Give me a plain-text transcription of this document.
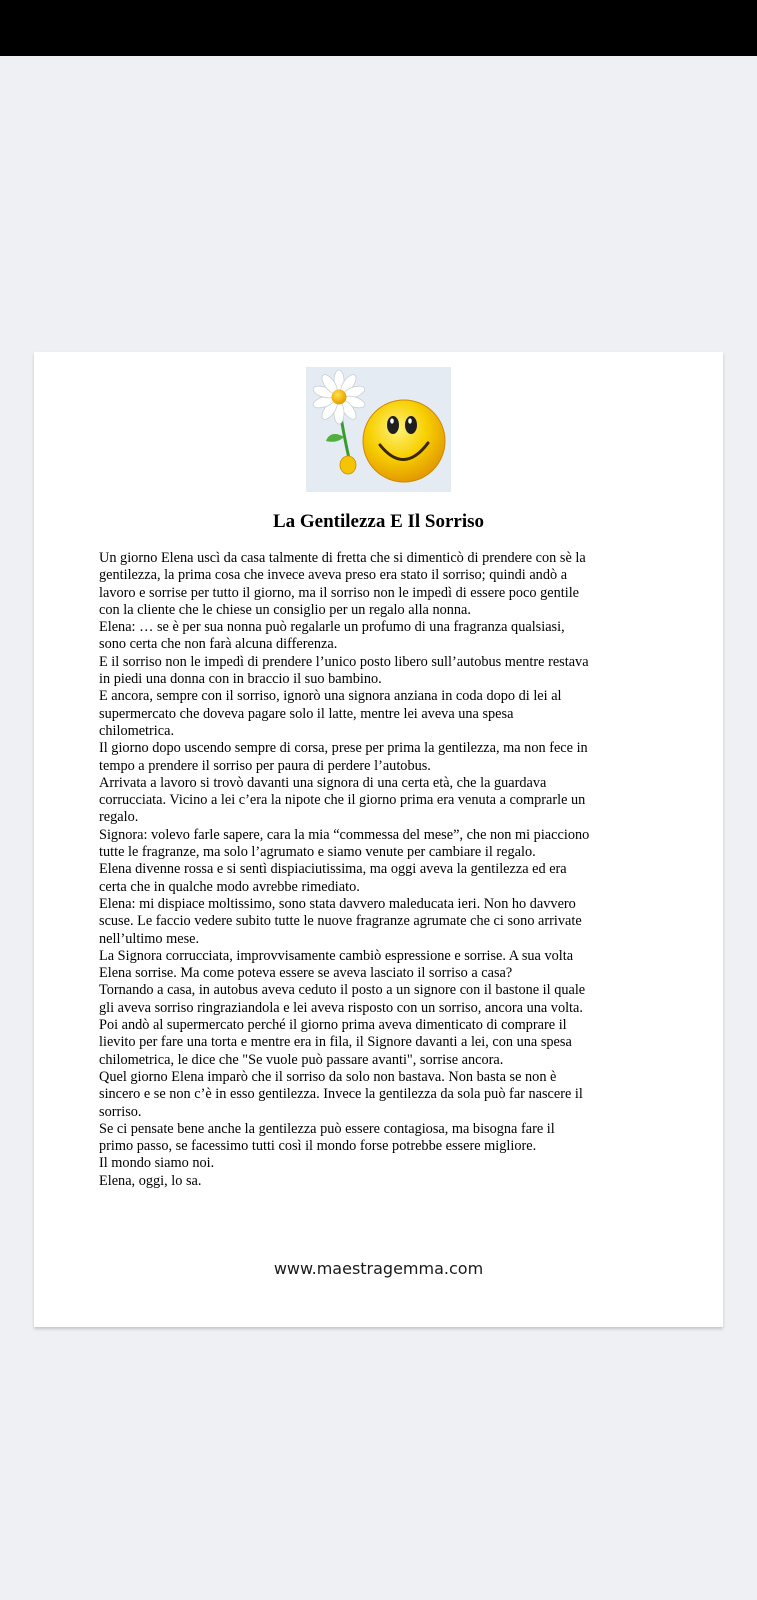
La Gentilezza E Il Sorriso
Un giorno Elena uscì da casa talmente di fretta che si dimenticò di prendere con sè la
gentilezza, la prima cosa che invece aveva preso era stato il sorriso; quindi andò a
lavoro e sorrise per tutto il giorno, ma il sorriso non le impedì di essere poco gentile
con la cliente che le chiese un consiglio per un regalo alla nonna.
Elena: … se è per sua nonna può regalarle un profumo di una fragranza qualsiasi,
sono certa che non farà alcuna differenza.
E il sorriso non le impedì di prendere l’unico posto libero sull’autobus mentre restava
in piedi una donna con in braccio il suo bambino.
E ancora, sempre con il sorriso, ignorò una signora anziana in coda dopo di lei al
supermercato che doveva pagare solo il latte, mentre lei aveva una spesa
chilometrica.
Il giorno dopo uscendo sempre di corsa, prese per prima la gentilezza, ma non fece in
tempo a prendere il sorriso per paura di perdere l’autobus.
Arrivata a lavoro si trovò davanti una signora di una certa età, che la guardava
corrucciata. Vicino a lei c’era la nipote che il giorno prima era venuta a comprarle un
regalo.
Signora: volevo farle sapere, cara la mia “commessa del mese”, che non mi piacciono
tutte le fragranze, ma solo l’agrumato e siamo venute per cambiare il regalo.
Elena divenne rossa e si sentì dispiaciutissima, ma oggi aveva la gentilezza ed era
certa che in qualche modo avrebbe rimediato.
Elena: mi dispiace moltissimo, sono stata davvero maleducata ieri. Non ho davvero
scuse. Le faccio vedere subito tutte le nuove fragranze agrumate che ci sono arrivate
nell’ultimo mese.
La Signora corrucciata, improvvisamente cambiò espressione e sorrise. A sua volta
Elena sorrise. Ma come poteva essere se aveva lasciato il sorriso a casa?
Tornando a casa, in autobus aveva ceduto il posto a un signore con il bastone il quale
gli aveva sorriso ringraziandola e lei aveva risposto con un sorriso, ancora una volta.
Poi andò al supermercato perché il giorno prima aveva dimenticato di comprare il
lievito per fare una torta e mentre era in fila, il Signore davanti a lei, con una spesa
chilometrica, le dice che "Se vuole può passare avanti", sorrise ancora.
Quel giorno Elena imparò che il sorriso da solo non bastava. Non basta se non è
sincero e se non c’è in esso gentilezza. Invece la gentilezza da sola può far nascere il
sorriso.
Se ci pensate bene anche la gentilezza può essere contagiosa, ma bisogna fare il
primo passo, se facessimo tutti così il mondo forse potrebbe essere migliore.
Il mondo siamo noi.
Elena, oggi, lo sa.
www.maestragemma.com
